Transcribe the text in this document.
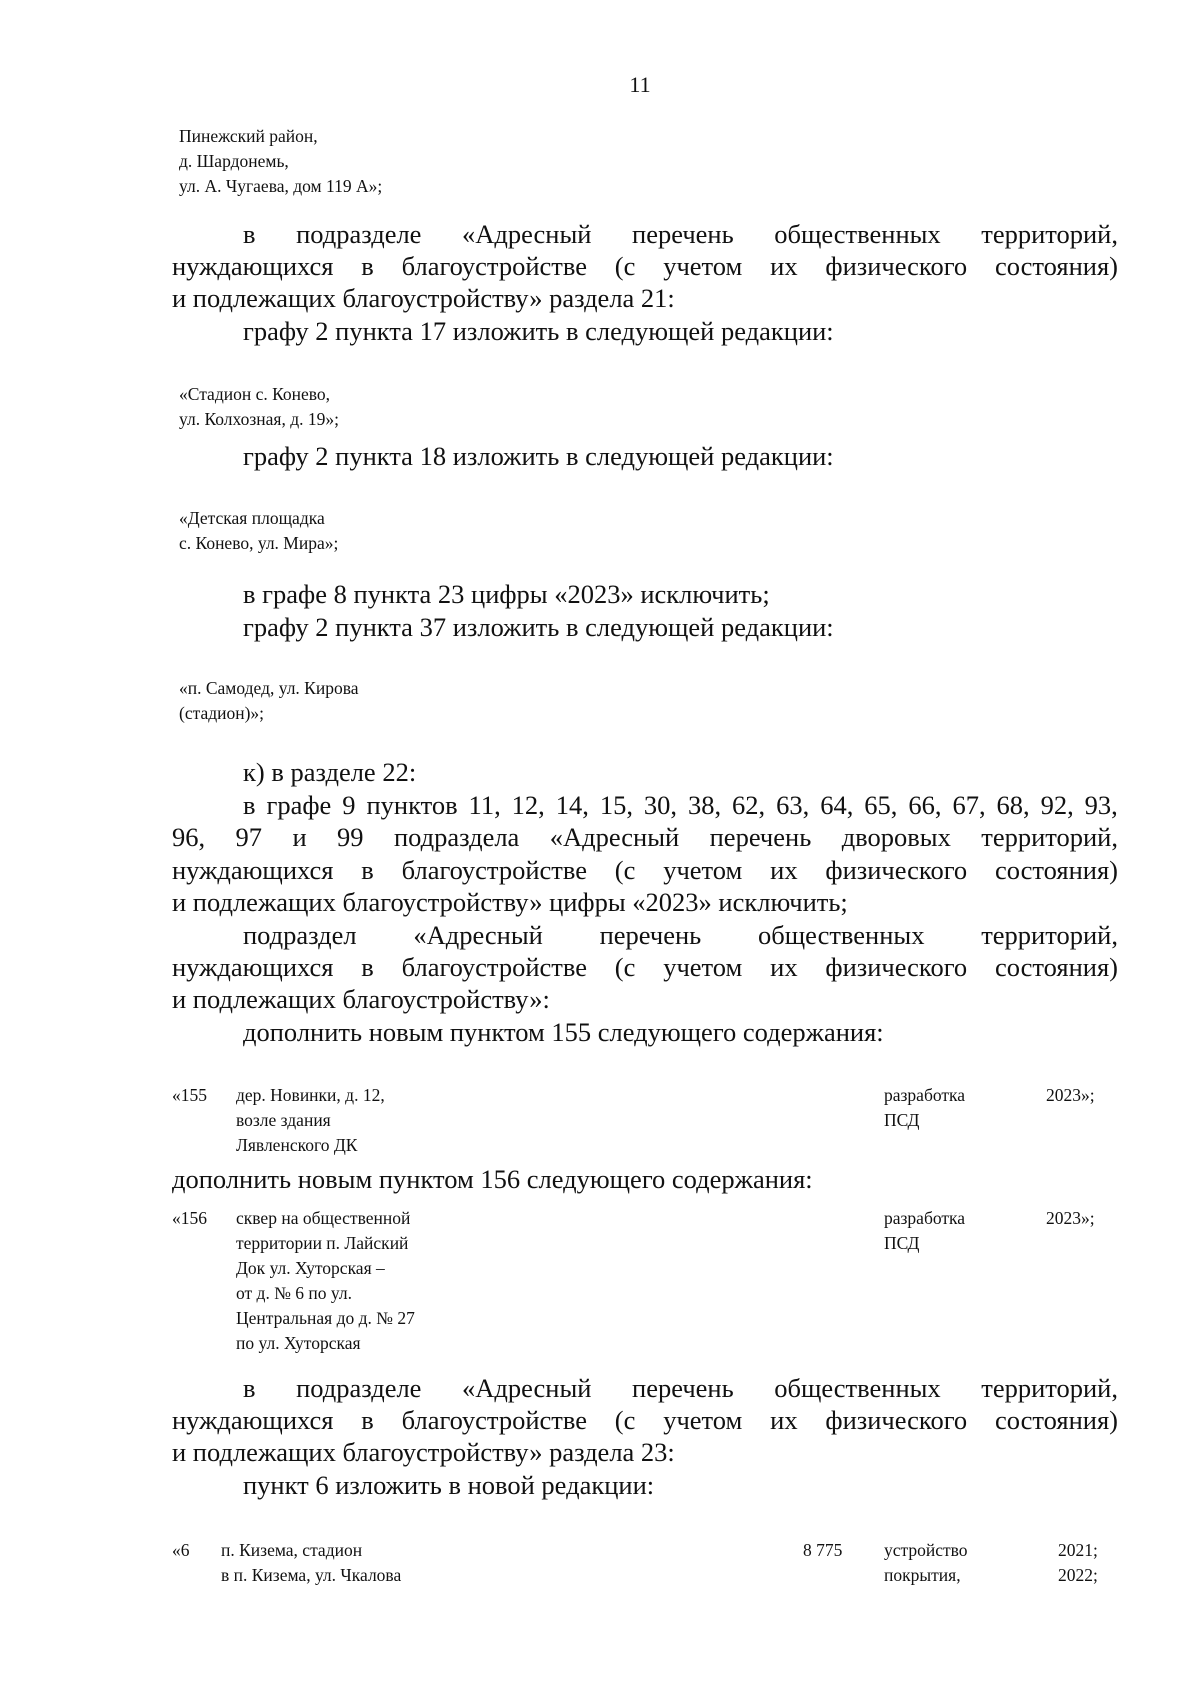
11
Пинежский район,
д. Шардонемь,
ул. А. Чугаева, дом 119 А»;
в подразделе «Адресный перечень общественных территорий,
нуждающихся в благоустройстве (с учетом их физического состояния)
и подлежащих благоустройству» раздела 21:
графу 2 пункта 17 изложить в следующей редакции:
«Стадион с. Конево,
ул. Колхозная, д. 19»;
графу 2 пункта 18 изложить в следующей редакции:
«Детская площадка
с. Конево, ул. Мира»;
в графе 8 пункта 23 цифры «2023» исключить;
графу 2 пункта 37 изложить в следующей редакции:
«п. Самодед, ул. Кирова
(стадион)»;
к) в разделе 22:
в графе 9 пунктов 11, 12, 14, 15, 30, 38, 62, 63, 64, 65, 66, 67, 68, 92, 93,
96, 97 и 99 подраздела «Адресный перечень дворовых территорий,
нуждающихся в благоустройстве (с учетом их физического состояния)
и подлежащих благоустройству» цифры «2023» исключить;
подраздел «Адресный перечень общественных территорий,
нуждающихся в благоустройстве (с учетом их физического состояния)
и подлежащих благоустройству»:
дополнить новым пунктом 155 следующего содержания:
«155 дер. Новинки, д. 12,
возле здания
Лявленского ДК
разработка
ПСД
2023»;
дополнить новым пунктом 156 следующего содержания:
«156 сквер на общественной
территории п. Лайский
Док ул. Хуторская –
от д. № 6 по ул.
Центральная до д. № 27
по ул. Хуторская
разработка
ПСД
2023»;
в подразделе «Адресный перечень общественных территорий,
нуждающихся в благоустройстве (с учетом их физического состояния)
и подлежащих благоустройству» раздела 23:
пункт 6 изложить в новой редакции:
«6 п. Кизема, стадион
в п. Кизема, ул. Чкалова
8 775 устройство
покрытия,
2021;
2022;
